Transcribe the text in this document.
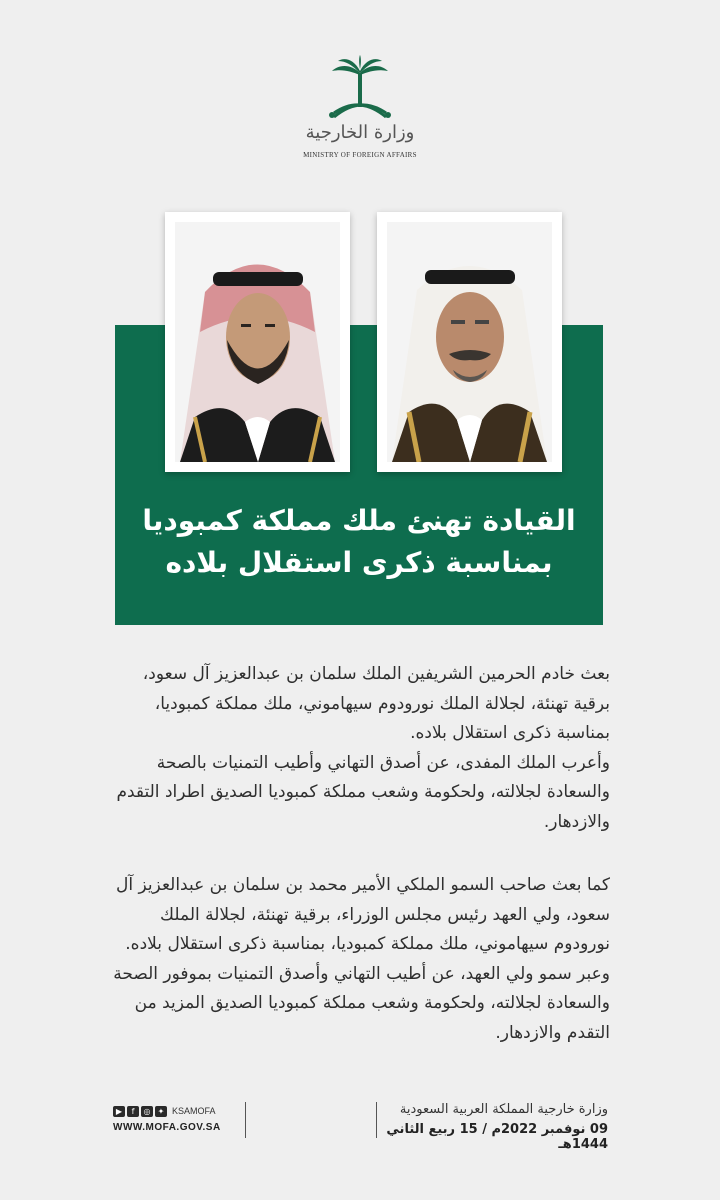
وزارة الخارجية
MINISTRY OF FOREIGN AFFAIRS
القيادة تهنئ ملك مملكة كمبوديا
بمناسبة ذكرى استقلال بلاده

بعث خادم الحرمين الشريفين الملك سلمان بن عبدالعزيز آل سعود، برقية تهنئة، لجلالة الملك نورودوم سيهاموني، ملك مملكة كمبوديا، بمناسبة ذكرى استقلال بلاده.

وأعرب الملك المفدى، عن أصدق التهاني وأطيب التمنيات بالصحة والسعادة لجلالته، ولحكومة وشعب مملكة كمبوديا الصديق اطراد التقدم والازدهار.

كما بعث صاحب السمو الملكي الأمير محمد بن سلمان بن عبدالعزيز آل سعود، ولي العهد رئيس مجلس الوزراء، برقية تهنئة، لجلالة الملك نورودوم سيهاموني، ملك مملكة كمبوديا، بمناسبة ذكرى استقلال بلاده.

وعبر سمو ولي العهد، عن أطيب التهاني وأصدق التمنيات بموفور الصحة والسعادة لجلالته، ولحكومة وشعب مملكة كمبوديا الصديق المزيد من التقدم والازدهار.

▶	f	◎ ✦ KSAMOFA
WWW.MOFA.GOV.SA
وزارة خارجية المملكة العربية السعودية
09 نوفمبر 2022م / 15 ربيع الثاني 1444هـ
